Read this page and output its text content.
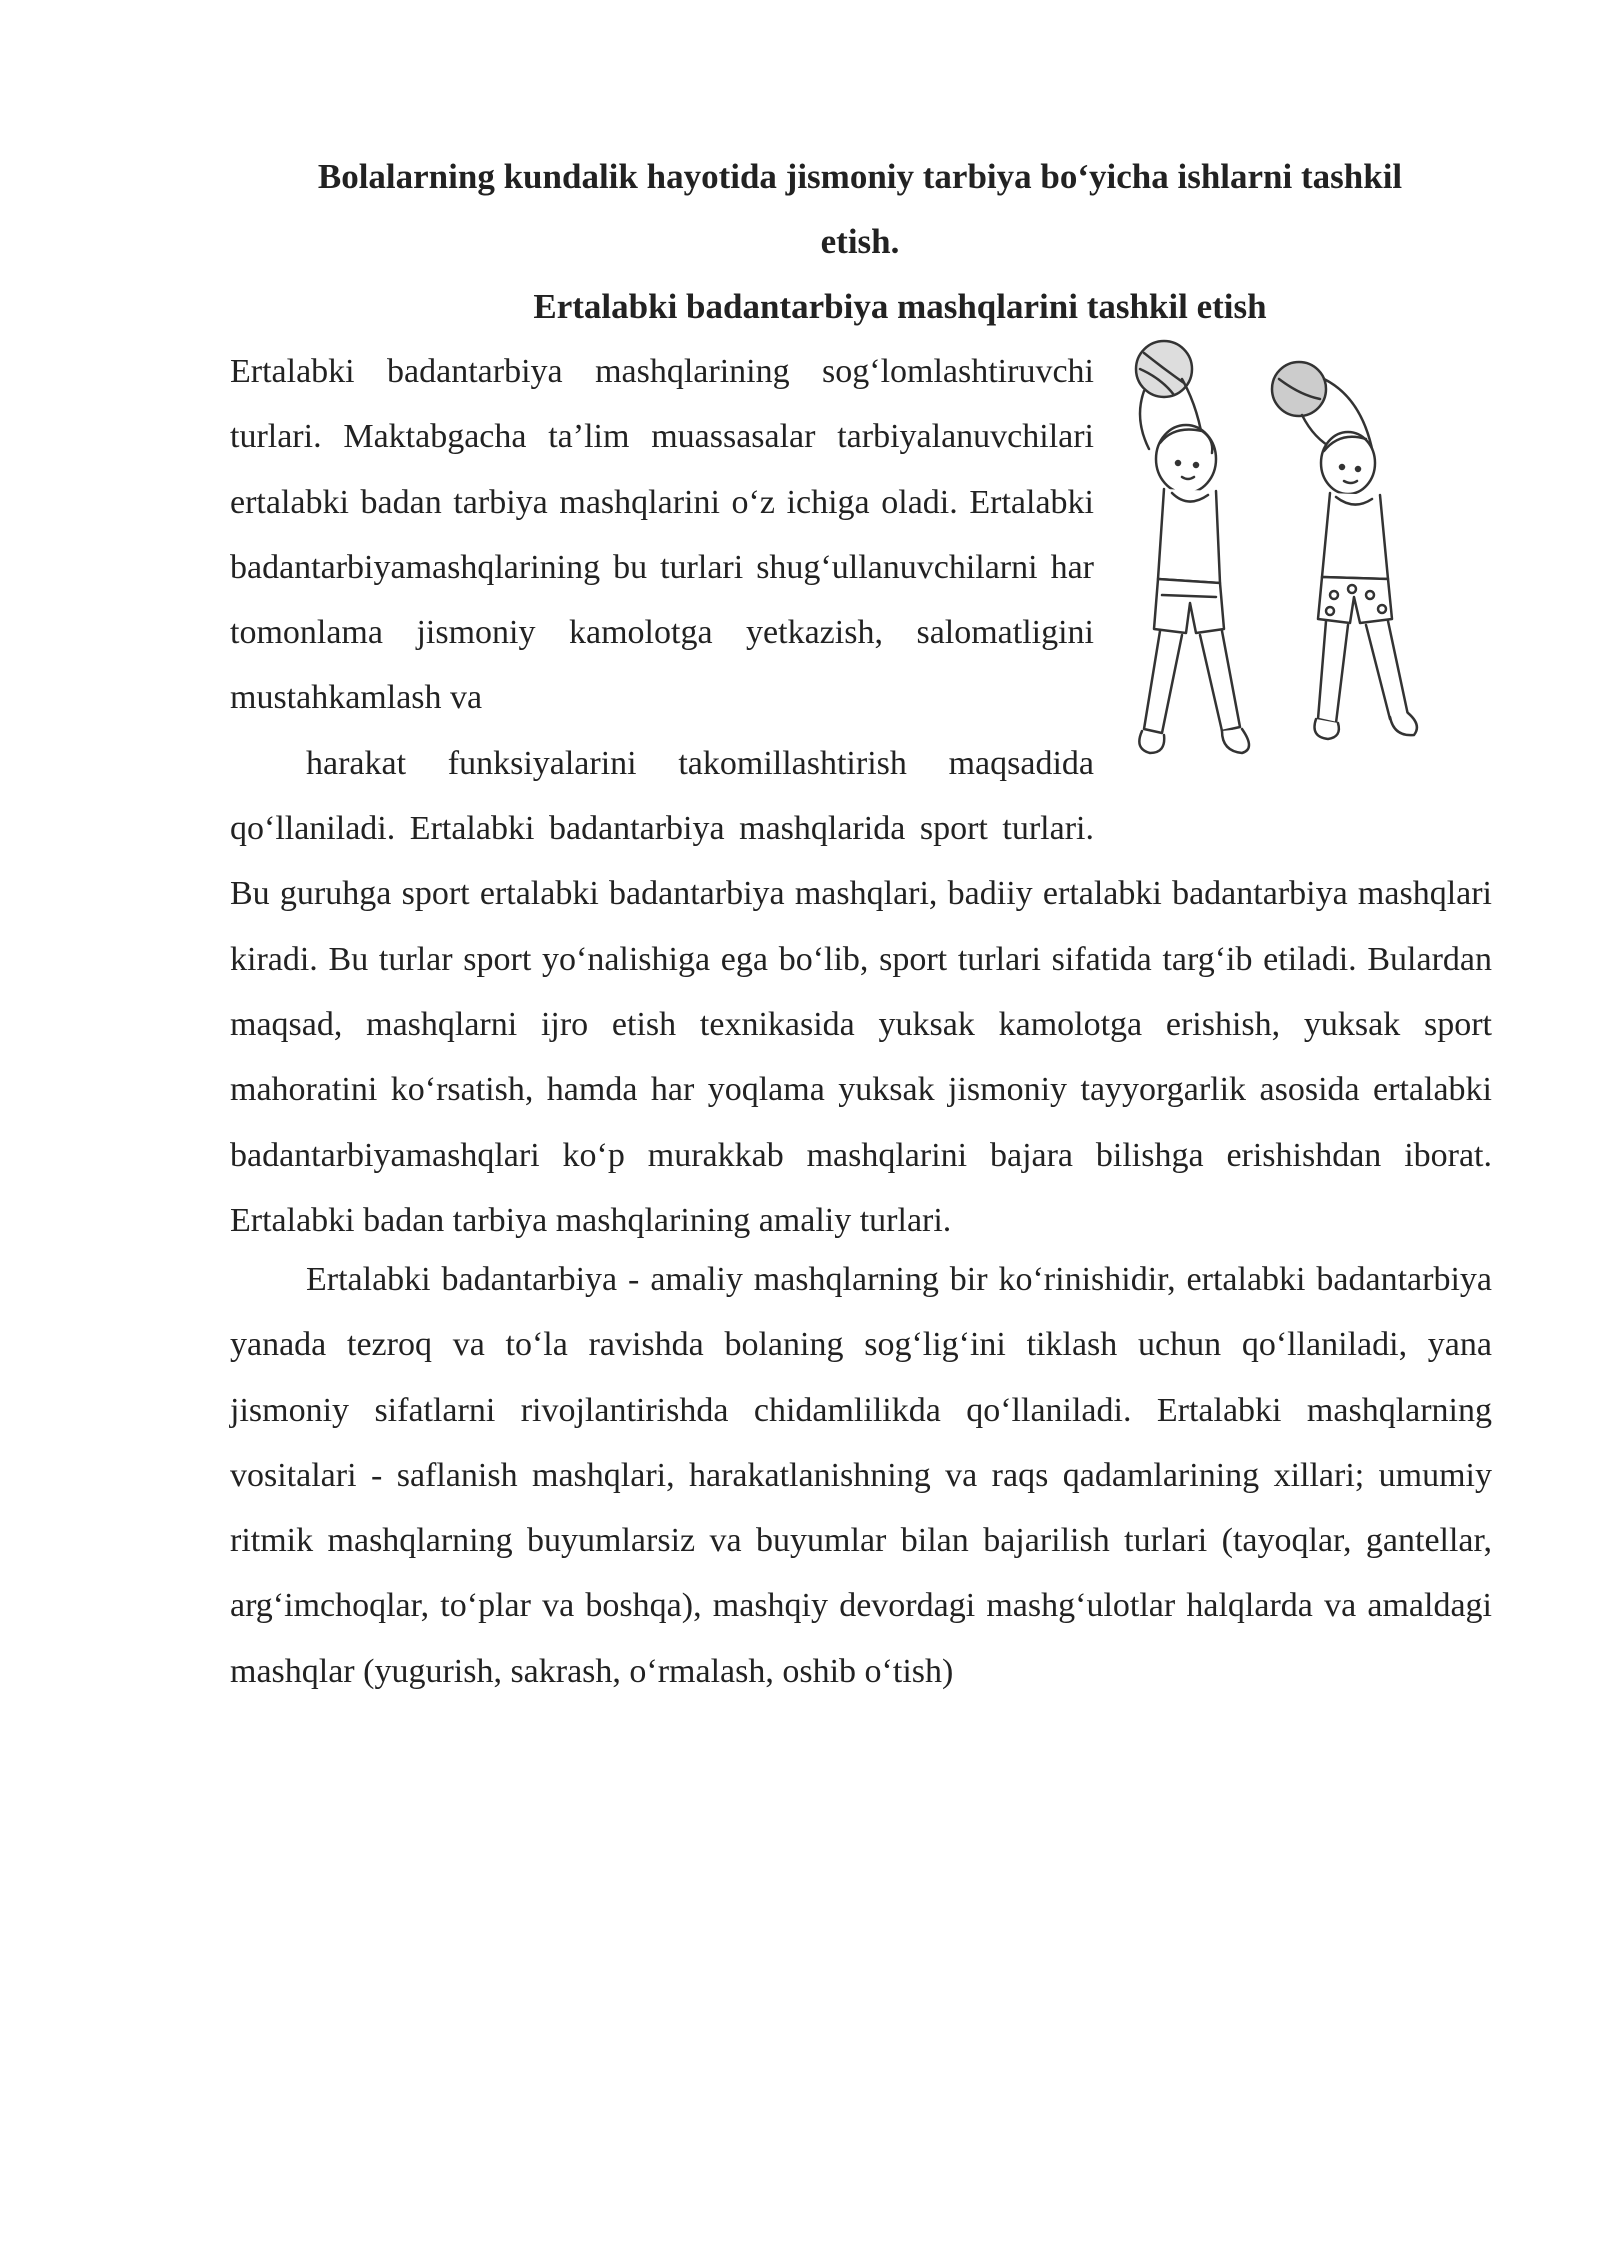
Bolalarning kundalik hayotida jismoniy tarbiya bo‘yicha ishlarni tashkil
etish.
Ertalabki badantarbiya mashqlarini tashkil etish

Ertalabki badantarbiya mashqlarining sog‘lomlashtiruvchi turlari. Maktabgacha ta’lim muassasalar tarbiyalanuvchilari ertalabki badan tarbiya mashqlarini o‘z ichiga oladi. Ertalabki badantarbiyamashqlarining bu turlari shug‘ullanuvchilarni har tomonlama jismoniy kamolotga yetkazish, salomatligini mustahkamlash va
harakat funksiyalarini takomillashtirish maqsadida qo‘llaniladi. Ertalabki badantarbiya mashqlarida sport turlari. Bu guruhga sport ertalabki badantarbiya mashqlari, badiiy ertalabki badantarbiya mashqlari kiradi. Bu turlar sport yo‘nalishiga ega bo‘lib, sport turlari sifatida targ‘ib etiladi. Bulardan maqsad, mashqlarni ijro etish texnikasida yuksak kamolotga erishish, yuksak sport mahoratini ko‘rsatish, hamda har yoqlama yuksak jismoniy tayyorgarlik asosida ertalabki badantarbiyamashqlari ko‘p murakkab mashqlarini bajara bilishga erishishdan iborat. Ertalabki badan tarbiya mashqlarining amaliy turlari.

Ertalabki badantarbiya - amaliy mashqlarning bir ko‘rinishidir, ertalabki badantarbiya yanada tezroq va to‘la ravishda bolaning sog‘lig‘ini tiklash uchun qo‘llaniladi, yana jismoniy sifatlarni rivojlantirishda chidamlilikda qo‘llaniladi. Ertalabki mashqlarning vositalari - saflanish mashqlari, harakatlanishning va raqs qadamlarining xillari; umumiy ritmik mashqlarning buyumlarsiz va buyumlar bilan bajarilish turlari (tayoqlar, gantellar, arg‘imchoqlar, to‘plar va boshqa), mashqiy devordagi mashg‘ulotlar halqlarda va amaldagi mashqlar (yugurish, sakrash, o‘rmalash, oshib o‘tish)
